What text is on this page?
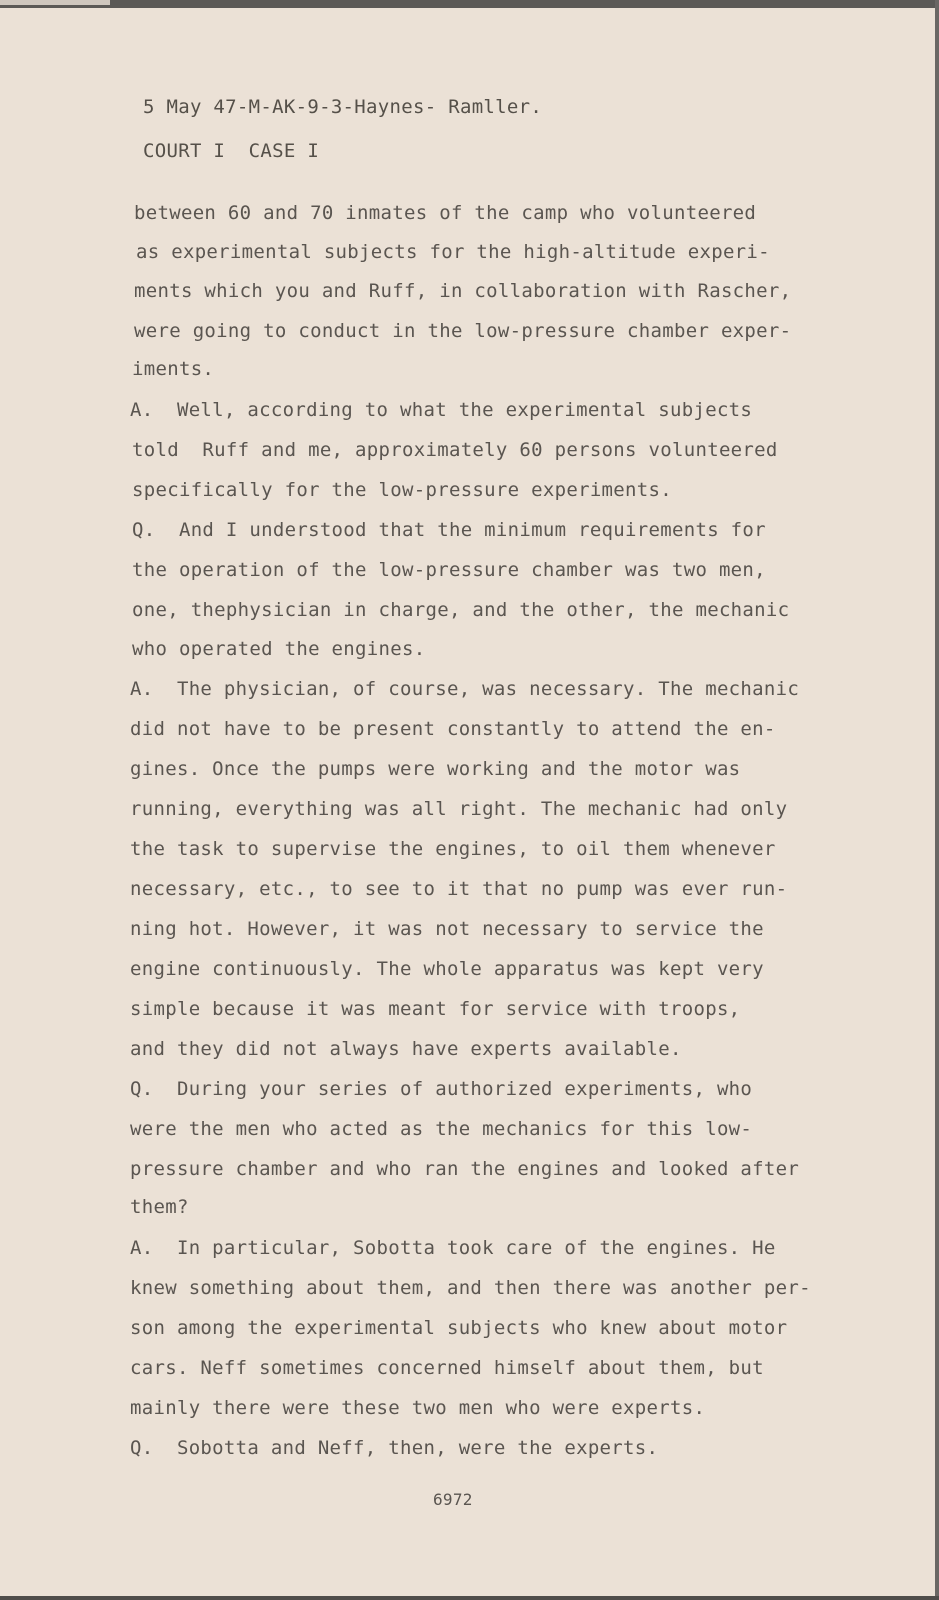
5 May 47-M-AK-9-3-Haynes- Ramller.
COURT I  CASE I
between 60 and 70 inmates of the camp who volunteered
as experimental subjects for the high-altitude experi-
ments which you and Ruff, in collaboration with Rascher,
were going to conduct in the low-pressure chamber exper-
iments.
A.  Well, according to what the experimental subjects
told  Ruff and me, approximately 60 persons volunteered
specifically for the low-pressure experiments.
Q.  And I understood that the minimum requirements for
the operation of the low-pressure chamber was two men,
one, thephysician in charge, and the other, the mechanic
who operated the engines.
A.  The physician, of course, was necessary. The mechanic
did not have to be present constantly to attend the en-
gines. Once the pumps were working and the motor was
running, everything was all right. The mechanic had only
the task to supervise the engines, to oil them whenever
necessary, etc., to see to it that no pump was ever run-
ning hot. However, it was not necessary to service the
engine continuously. The whole apparatus was kept very
simple because it was meant for service with troops,
and they did not always have experts available.
Q.  During your series of authorized experiments, who
were the men who acted as the mechanics for this low-
pressure chamber and who ran the engines and looked after
them?
A.  In particular, Sobotta took care of the engines. He
knew something about them, and then there was another per-
son among the experimental subjects who knew about motor
cars. Neff sometimes concerned himself about them, but
mainly there were these two men who were experts.
Q.  Sobotta and Neff, then, were the experts.
6972
